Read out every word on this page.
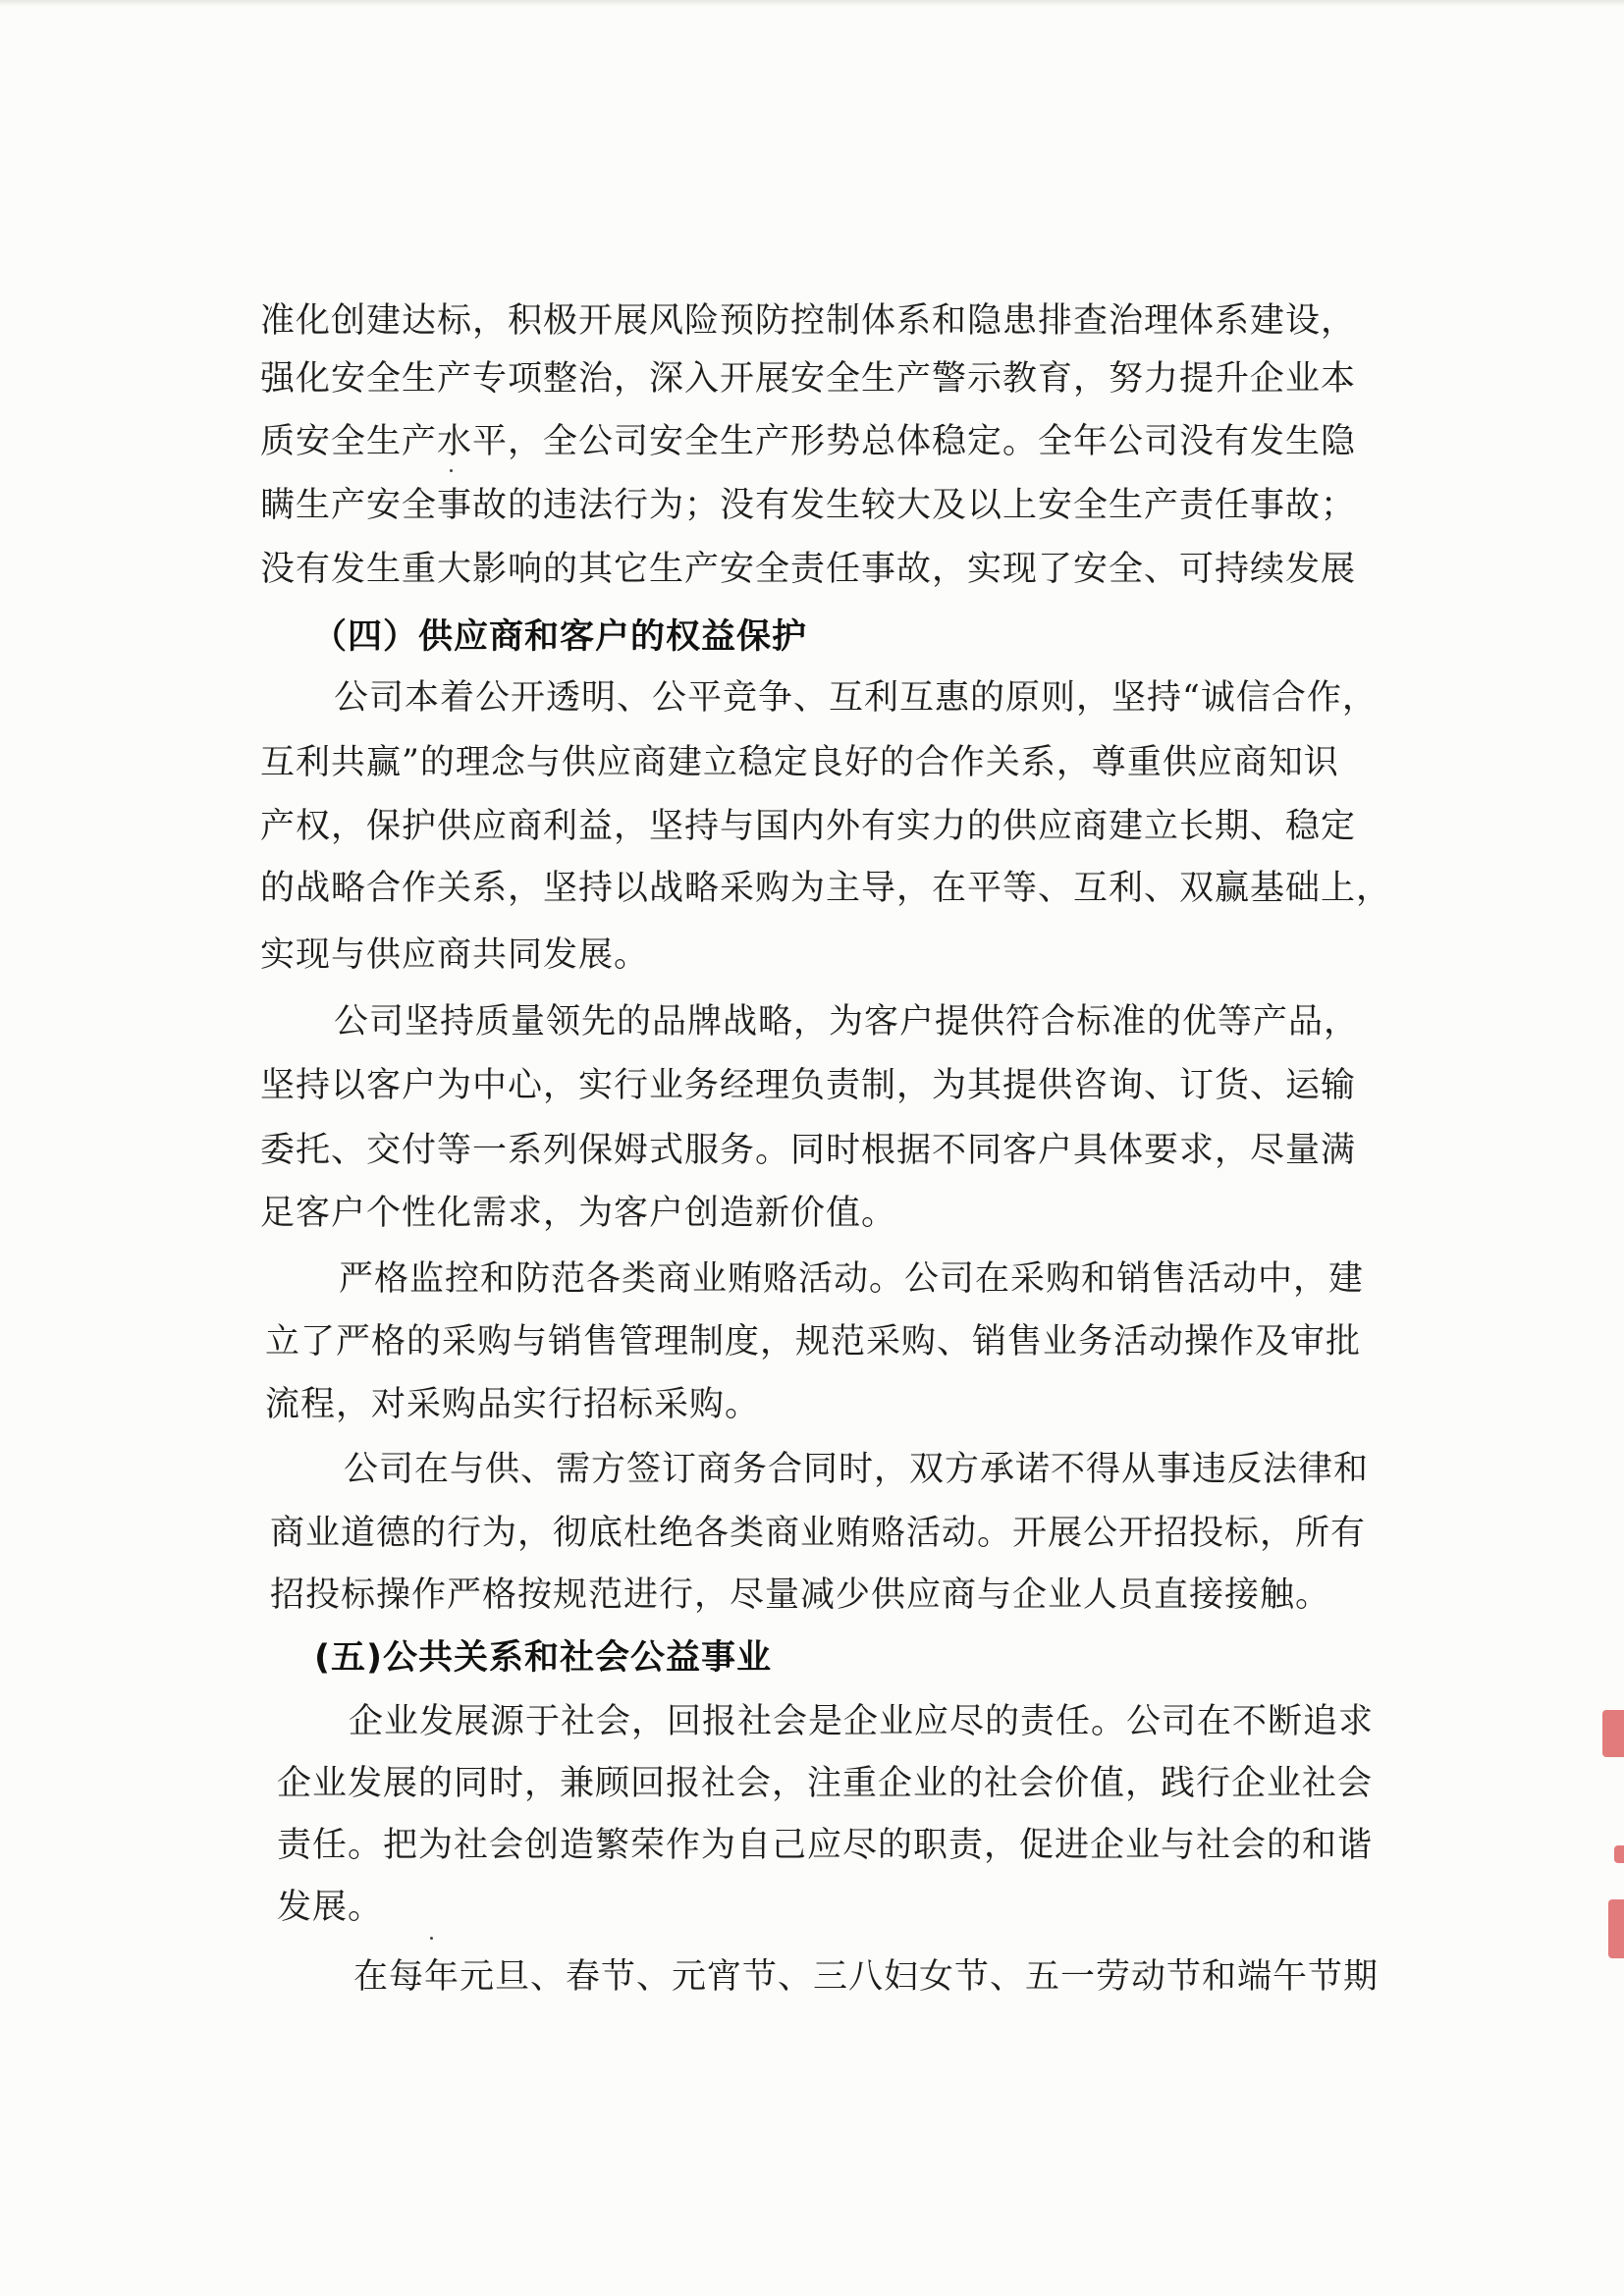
准化创建达标，积极开展风险预防控制体系和隐患排查治理体系建设，
强化安全生产专项整治，深入开展安全生产警示教育，努力提升企业本
质安全生产水平，全公司安全生产形势总体稳定。全年公司没有发生隐
瞒生产安全事故的违法行为；没有发生较大及以上安全生产责任事故；
没有发生重大影响的其它生产安全责任事故，实现了安全、可持续发展
（四）供应商和客户的权益保护
公司本着公开透明、公平竞争、互利互惠的原则，坚持“诚信合作，
互利共赢”的理念与供应商建立稳定良好的合作关系，尊重供应商知识
产权，保护供应商利益，坚持与国内外有实力的供应商建立长期、稳定
的战略合作关系，坚持以战略采购为主导，在平等、互利、双赢基础上，
实现与供应商共同发展。
公司坚持质量领先的品牌战略，为客户提供符合标准的优等产品，
坚持以客户为中心，实行业务经理负责制，为其提供咨询、订货、运输
委托、交付等一系列保姆式服务。同时根据不同客户具体要求，尽量满
足客户个性化需求，为客户创造新价值。
严格监控和防范各类商业贿赂活动。公司在采购和销售活动中，建
立了严格的采购与销售管理制度，规范采购、销售业务活动操作及审批
流程，对采购品实行招标采购。
公司在与供、需方签订商务合同时，双方承诺不得从事违反法律和
商业道德的行为，彻底杜绝各类商业贿赂活动。开展公开招投标，所有
招投标操作严格按规范进行，尽量减少供应商与企业人员直接接触。
(五)公共关系和社会公益事业
企业发展源于社会，回报社会是企业应尽的责任。公司在不断追求
企业发展的同时，兼顾回报社会，注重企业的社会价值，践行企业社会
责任。把为社会创造繁荣作为自己应尽的职责，促进企业与社会的和谐
发展。
在每年元旦、春节、元宵节、三八妇女节、五一劳动节和端午节期
